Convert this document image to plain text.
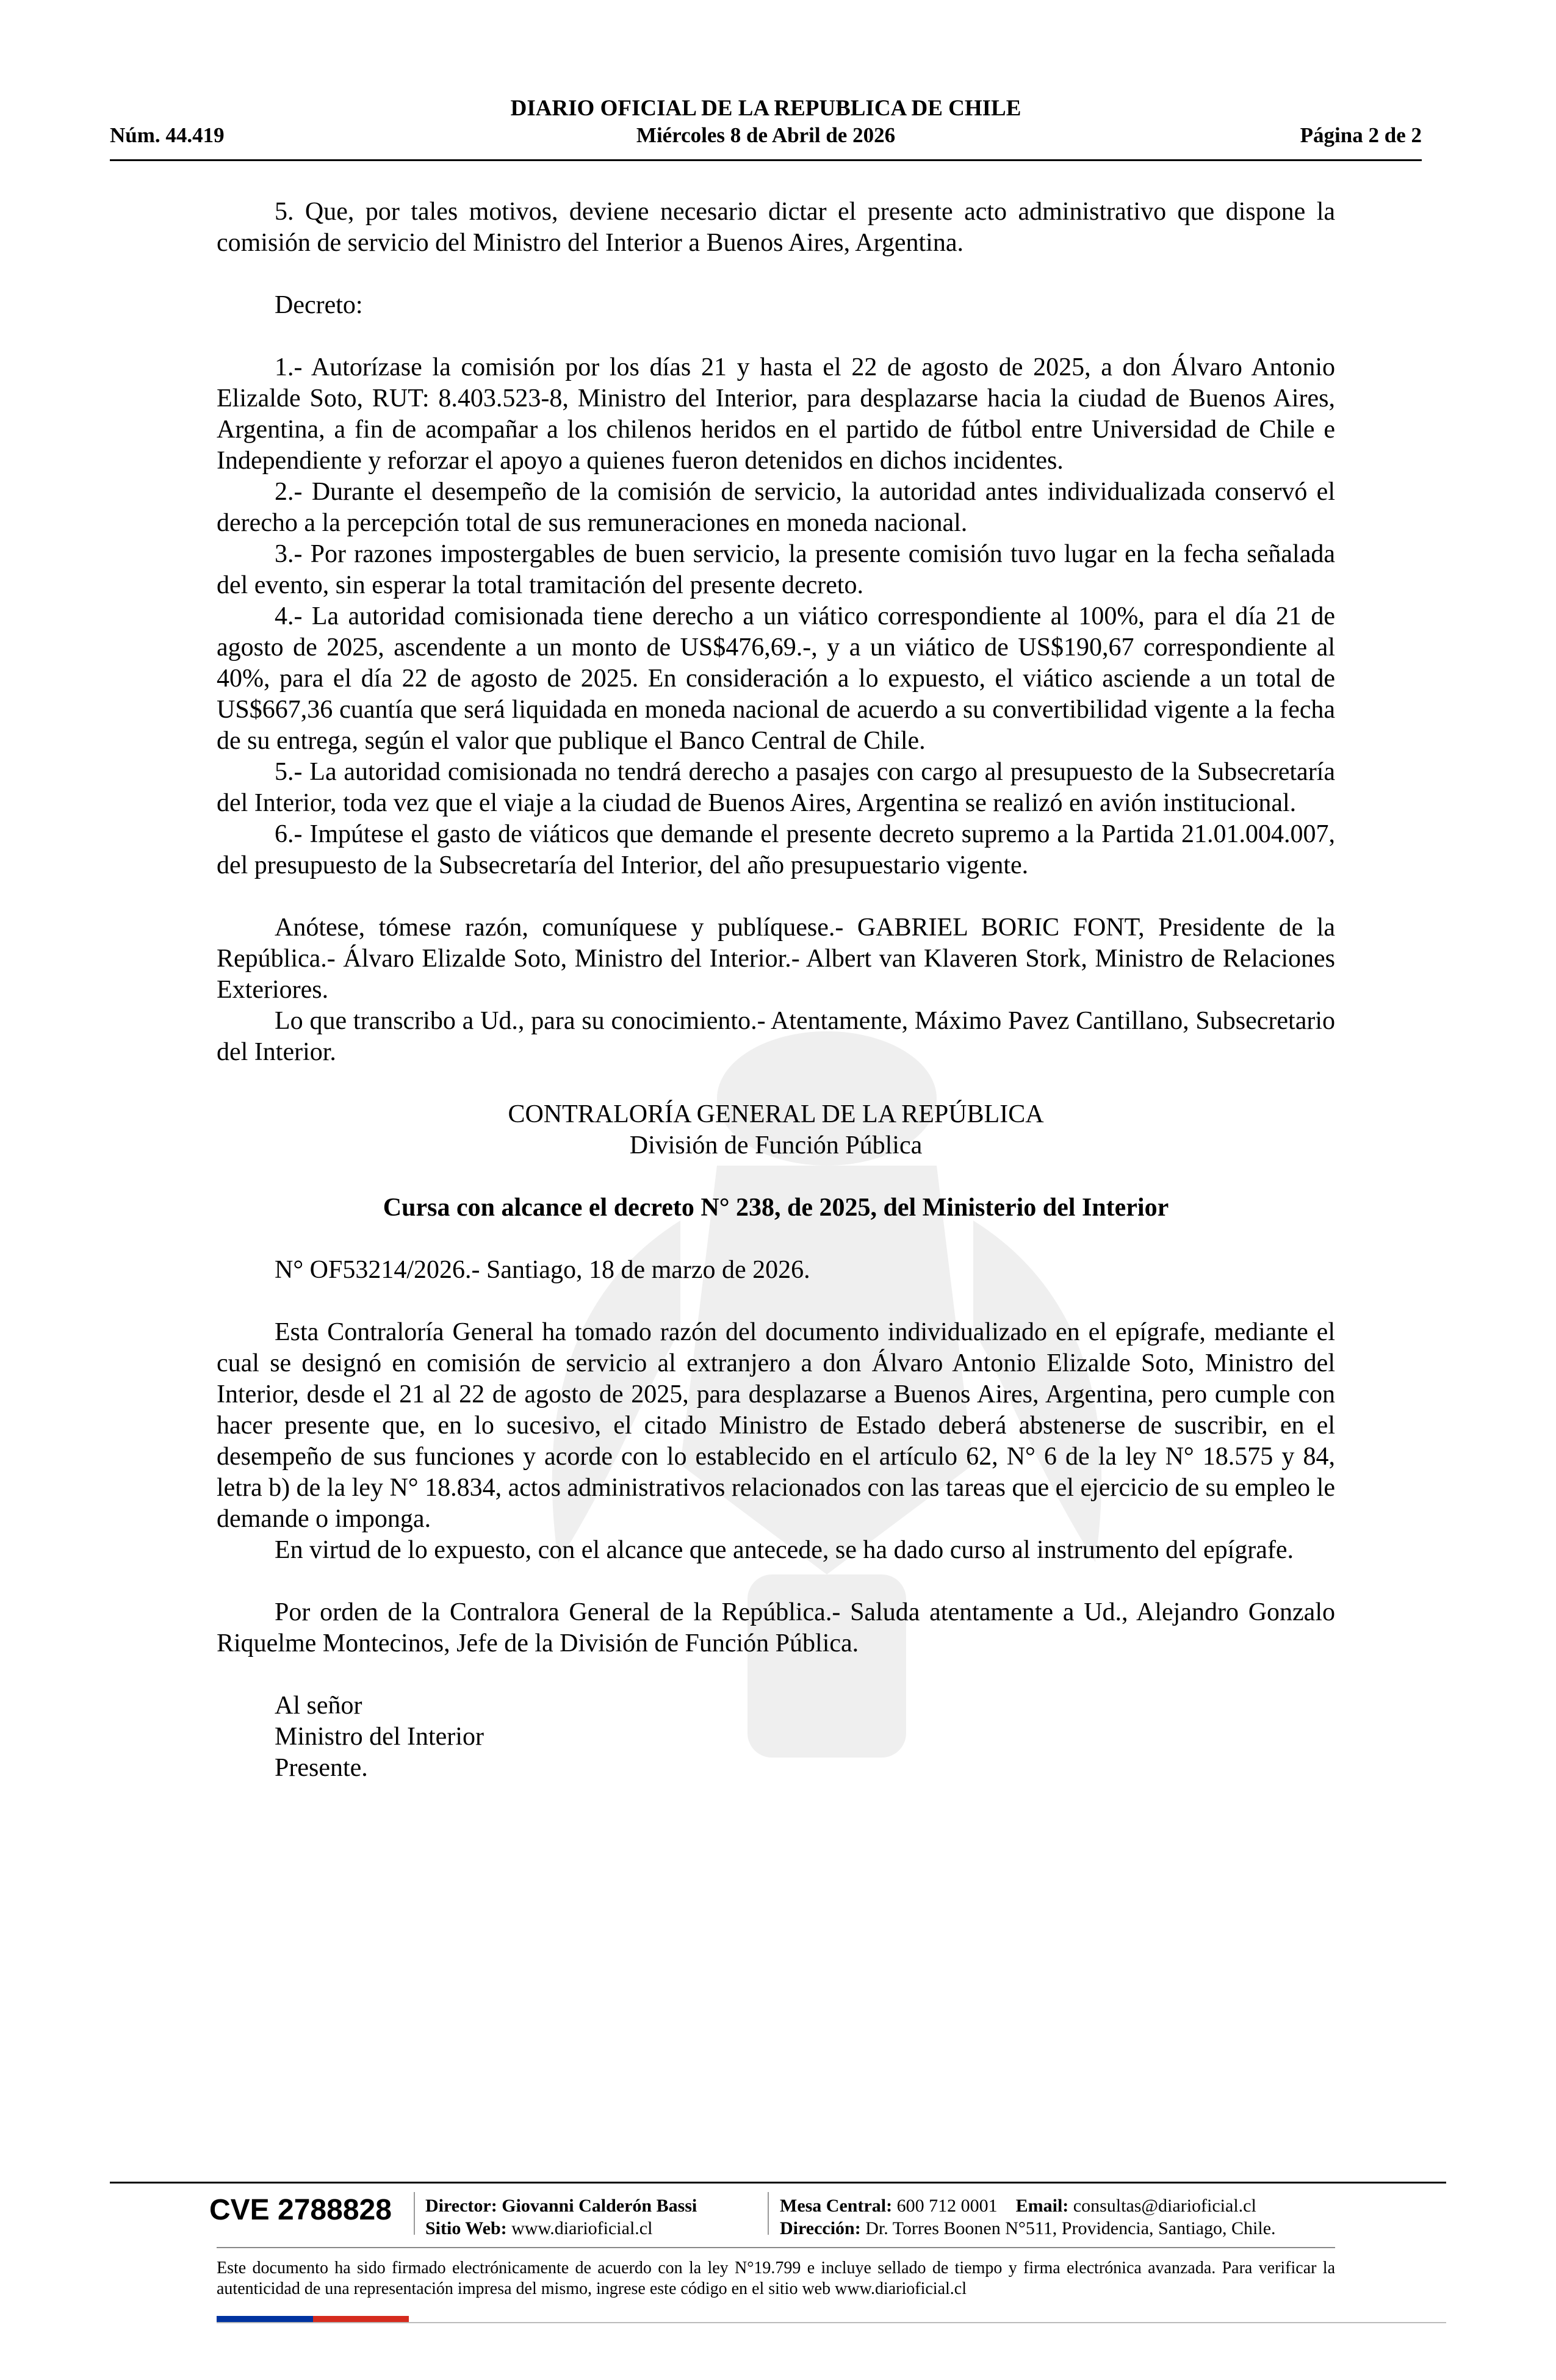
DIARIO OFICIAL DE LA REPUBLICA DE CHILE
Núm. 44.419	Miércoles 8 de Abril de 2026	Página 2 de 2

5. Que, por tales motivos, deviene necesario dictar el presente acto administrativo que dispone la comisión de servicio del Ministro del Interior a Buenos Aires, Argentina.

Decreto:

1.- Autorízase la comisión por los días 21 y hasta el 22 de agosto de 2025, a don Álvaro Antonio Elizalde Soto, RUT: 8.403.523-8, Ministro del Interior, para desplazarse hacia la ciudad de Buenos Aires, Argentina, a fin de acompañar a los chilenos heridos en el partido de fútbol entre Universidad de Chile e Independiente y reforzar el apoyo a quienes fueron detenidos en dichos incidentes.

2.- Durante el desempeño de la comisión de servicio, la autoridad antes individualizada conservó el derecho a la percepción total de sus remuneraciones en moneda nacional.

3.- Por razones impostergables de buen servicio, la presente comisión tuvo lugar en la fecha señalada del evento, sin esperar la total tramitación del presente decreto.

4.- La autoridad comisionada tiene derecho a un viático correspondiente al 100%, para el día 21 de agosto de 2025, ascendente a un monto de US$476,69.-, y a un viático de US$190,67 correspondiente al 40%, para el día 22 de agosto de 2025. En consideración a lo expuesto, el viático asciende a un total de US$667,36 cuantía que será liquidada en moneda nacional de acuerdo a su convertibilidad vigente a la fecha de su entrega, según el valor que publique el Banco Central de Chile.

5.- La autoridad comisionada no tendrá derecho a pasajes con cargo al presupuesto de la Subsecretaría del Interior, toda vez que el viaje a la ciudad de Buenos Aires, Argentina se realizó en avión institucional.

6.- Impútese el gasto de viáticos que demande el presente decreto supremo a la Partida 21.01.004.007, del presupuesto de la Subsecretaría del Interior, del año presupuestario vigente.

Anótese, tómese razón, comuníquese y publíquese.- GABRIEL BORIC FONT, Presidente de la República.- Álvaro Elizalde Soto, Ministro del Interior.- Albert van Klaveren Stork, Ministro de Relaciones Exteriores.

Lo que transcribo a Ud., para su conocimiento.- Atentamente, Máximo Pavez Cantillano, Subsecretario del Interior.

CONTRALORÍA GENERAL DE LA REPÚBLICA

División de Función Pública

Cursa con alcance el decreto N° 238, de 2025, del Ministerio del Interior

N° OF53214/2026.- Santiago, 18 de marzo de 2026.

Esta Contraloría General ha tomado razón del documento individualizado en el epígrafe, mediante el cual se designó en comisión de servicio al extranjero a don Álvaro Antonio Elizalde Soto, Ministro del Interior, desde el 21 al 22 de agosto de 2025, para desplazarse a Buenos Aires, Argentina, pero cumple con hacer presente que, en lo sucesivo, el citado Ministro de Estado deberá abstenerse de suscribir, en el desempeño de sus funciones y acorde con lo establecido en el artículo 62, N° 6 de la ley N° 18.575 y 84, letra b) de la ley N° 18.834, actos administrativos relacionados con las tareas que el ejercicio de su empleo le demande o imponga.

En virtud de lo expuesto, con el alcance que antecede, se ha dado curso al instrumento del epígrafe.

Por orden de la Contralora General de la República.- Saluda atentamente a Ud., Alejandro Gonzalo Riquelme Montecinos, Jefe de la División de Función Pública.

Al señor

Ministro del Interior

Presente.

CVE 2788828 Director: Giovanni Calderón Bassi
Sitio Web: www.diarioficial.cl
Mesa Central: 600 712 0001 Email: consultas@diarioficial.cl
Dirección: Dr. Torres Boonen N°511, Providencia, Santiago, Chile.
Este documento ha sido firmado electrónicamente de acuerdo con la ley N°19.799 e incluye sellado de tiempo y firma electrónica avanzada. Para verificar la autenticidad de una representación impresa del mismo, ingrese este código en el sitio web www.diarioficial.cl
